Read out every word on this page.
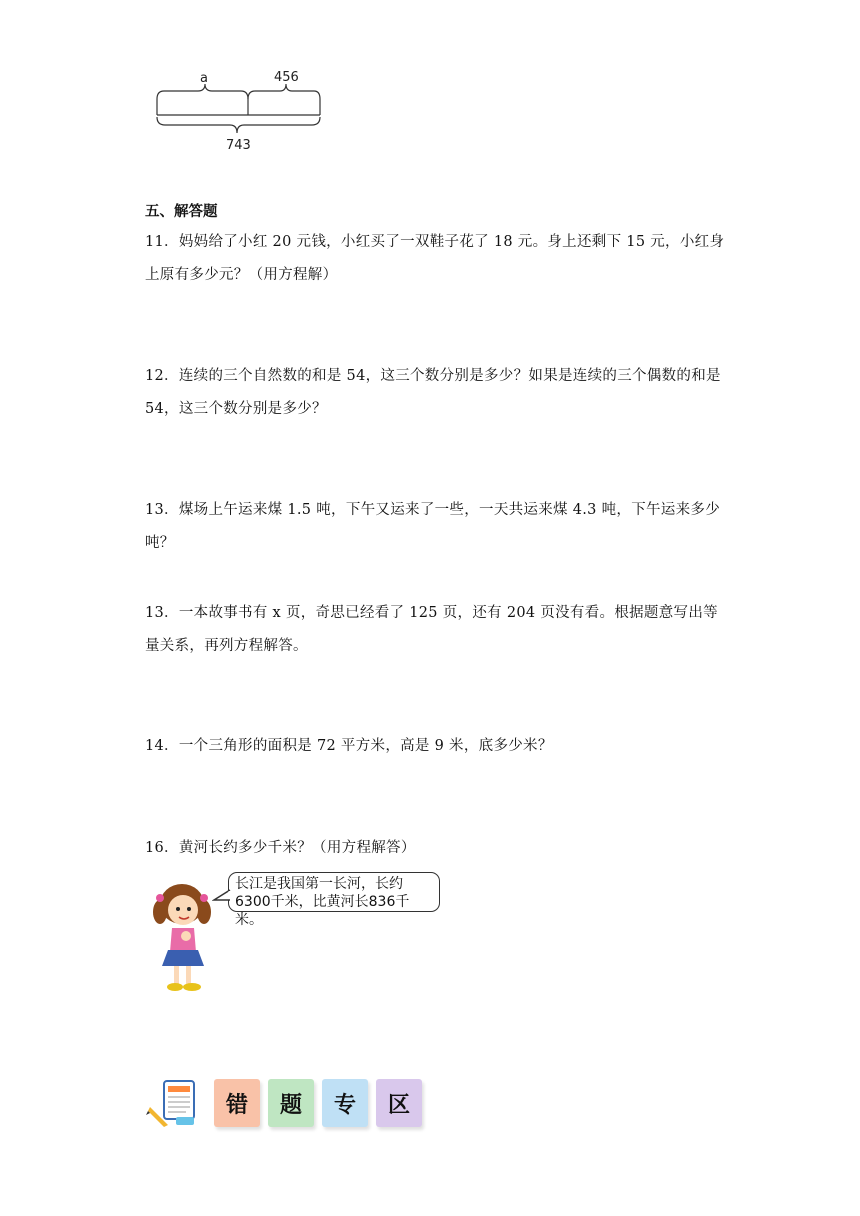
a	456
743
五、解答题
11．妈妈给了小红 20 元钱，小红买了一双鞋子花了 18 元。身上还剩下 15 元，小红身上原有多少元？（用方程解）
12．连续的三个自然数的和是 54，这三个数分别是多少？如果是连续的三个偶数的和是 54，这三个数分别是多少？
13．煤场上午运来煤 1.5 吨，下午又运来了一些，一天共运来煤 4.3 吨，下午运来多少吨？
13．一本故事书有 x 页，奇思已经看了 125 页，还有 204 页没有看。根据题意写出等量关系，再列方程解答。
14．一个三角形的面积是 72 平方米，高是 9 米，底多少米？
16．黄河长约多少千米？（用方程解答）
长江是我国第一长河，长约
6300千米，比黄河长836千米。
错	题	专	区
